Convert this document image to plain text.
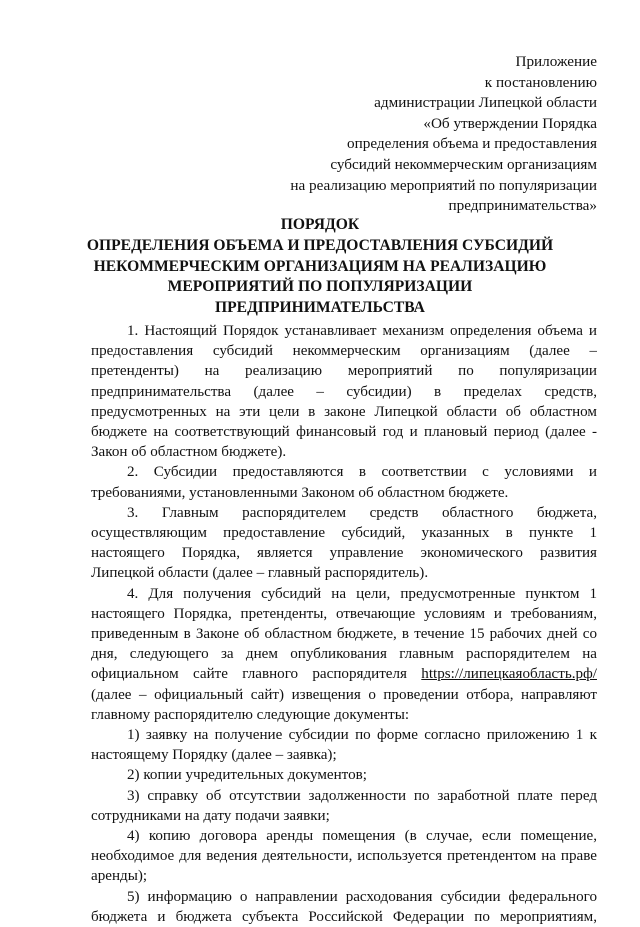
Приложение
к постановлению
администрации Липецкой области
«Об утверждении Порядка
определения объема и предоставления
субсидий некоммерческим организациям
на реализацию мероприятий по популяризации
предпринимательства»
ПОРЯДОК
ОПРЕДЕЛЕНИЯ ОБЪЕМА И ПРЕДОСТАВЛЕНИЯ СУБСИДИЙ
НЕКОММЕРЧЕСКИМ ОРГАНИЗАЦИЯМ НА РЕАЛИЗАЦИЮ
МЕРОПРИЯТИЙ ПО ПОПУЛЯРИЗАЦИИ
ПРЕДПРИНИМАТЕЛЬСТВА
1. Настоящий Порядок устанавливает механизм определения объема и
предоставления субсидий некоммерческим организациям (далее –
претенденты) на реализацию мероприятий по популяризации
предпринимательства (далее – субсидии) в пределах средств,
предусмотренных на эти цели в законе Липецкой области об областном
бюджете на соответствующий финансовый год и плановый период (далее -
Закон об областном бюджете).
2. Субсидии предоставляются в соответствии с условиями и
требованиями, установленными Законом об областном бюджете.
3. Главным распорядителем средств областного бюджета,
осуществляющим предоставление субсидий, указанных в пункте 1
настоящего Порядка, является управление экономического развития
Липецкой области (далее – главный распорядитель).
4. Для получения субсидий на цели, предусмотренные пунктом 1
настоящего Порядка, претенденты, отвечающие условиям и требованиям,
приведенным в Законе об областном бюджете, в течение 15 рабочих дней со
дня, следующего за днем опубликования главным распорядителем на
официальном сайте главного распорядителя https://липецкаяобласть.рф/
(далее – официальный сайт) извещения о проведении отбора, направляют
главному распорядителю следующие документы:
1) заявку на получение субсидии по форме согласно приложению 1 к
настоящему Порядку (далее – заявка);
2) копии учредительных документов;
3) справку об отсутствии задолженности по заработной плате перед
сотрудниками на дату подачи заявки;
4) копию договора аренды помещения (в случае, если помещение,
необходимое для ведения деятельности, используется претендентом на праве
аренды);
5) информацию о направлении расходования субсидии федерального
бюджета и бюджета субъекта Российской Федерации по мероприятиям,
